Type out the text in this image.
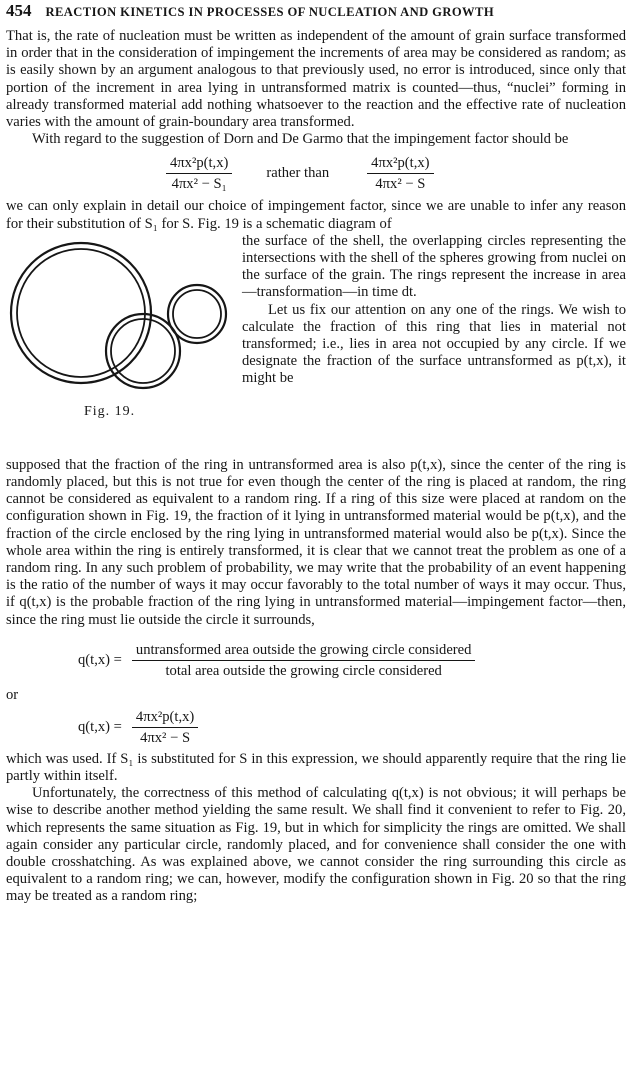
454 REACTION KINETICS IN PROCESSES OF NUCLEATION AND GROWTH

That is, the rate of nucleation must be written as independent of the amount of grain surface transformed in order that in the consideration of impingement the increments of area may be considered as random; as is easily shown by an argument analogous to that previously used, no error is introduced, since only that portion of the increment in area lying in untransformed matrix is counted—thus, “nuclei” forming in already transformed material add nothing whatsoever to the reaction and the effective rate of nucleation varies with the amount of grain-boundary area transformed.

With regard to the suggestion of Dorn and De Garmo that the impingement factor should be

$\frac{\text{4πx²p(t,x)}}{\text{4πx² − S₁}}$ rather than	$\frac{\text{4πx²p(t,x)}}{\text{4πx² − S}}$

we can only explain in detail our choice of impingement factor, since we are unable to infer any reason for their substitution of S₁ for S. Fig. 19 is a schematic diagram of

Fig. 19.

the surface of the shell, the overlapping circles representing the intersections with the shell of the spheres growing from nuclei on the surface of the grain. The rings represent the increase in area—transformation—in time dt.

Let us fix our attention on any one of the rings. We wish to calculate the fraction of this ring that lies in material not transformed; i.e., lies in area not occupied by any circle. If we designate the fraction of the surface untransformed as p(t,x), it might be

supposed that the fraction of the ring in untransformed area is also p(t,x), since the center of the ring is randomly placed, but this is not true for even though the center of the ring is placed at random, the ring cannot be considered as equivalent to a random ring. If a ring of this size were placed at random on the configuration shown in Fig. 19, the fraction of it lying in untransformed material would be p(t,x), and the fraction of the circle enclosed by the ring lying in untransformed material would also be p(t,x). Since the whole area within the ring is entirely transformed, it is clear that we cannot treat the problem as one of a random ring. In any such problem of probability, we may write that the probability of an event happening is the ratio of the number of ways it may occur favorably to the total number of ways it may occur. Thus, if q(t,x) is the probable fraction of the ring lying in untransformed material—impingement factor—then, since the ring must lie outside the circle it surrounds,

$q(t,x) = \frac{\text{untransformed area outside the growing circle considered}}{\text{total area outside the growing circle considered}}$
or
$q(t,x) = \frac{\text{4πx²p(t,x)}}{\text{4πx² − S}}$

which was used. If S₁ is substituted for S in this expression, we should apparently require that the ring lie partly within itself.

Unfortunately, the correctness of this method of calculating q(t,x) is not obvious; it will perhaps be wise to describe another method yielding the same result. We shall find it convenient to refer to Fig. 20, which represents the same situation as Fig. 19, but in which for simplicity the rings are omitted. We shall again consider any particular circle, randomly placed, and for convenience shall consider the one with double crosshatching. As was explained above, we cannot consider the ring surrounding this circle as equivalent to a random ring; we can, however, modify the configuration shown in Fig. 20 so that the ring may be treated as a random ring;
